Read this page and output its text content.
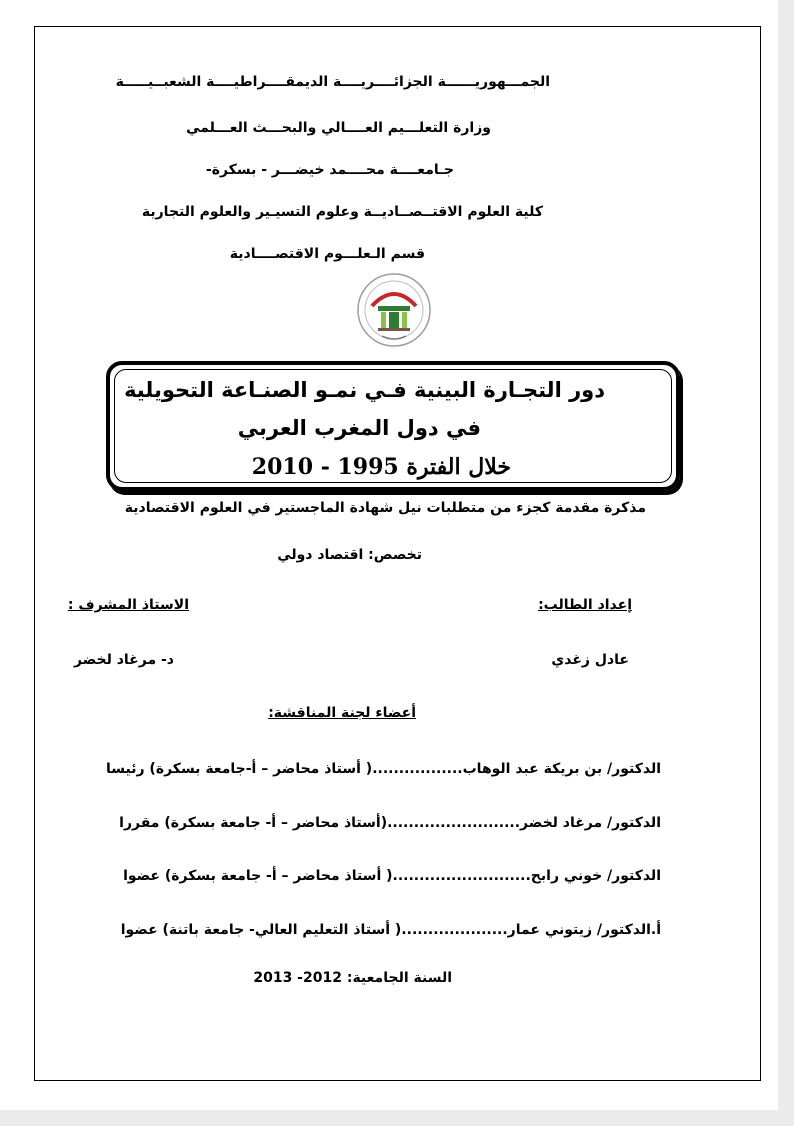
الجمـــهوريــــــة الجزائــــريــــة الديمقــــراطيــــة الشعبــيـــــة
وزارة التعلـــيم العــــالي والبحـــث العـــلمي
جـامعــــة محــــمد خيضـــر - بسكرة-
كلية العلوم الاقتــصــاديــة وعلوم التسيـير والعلوم التجارية
قسم الـعلـــوم الاقتصــــادية
دور التجـارة البينية فـي نمـو الصنـاعة التحويلية
في دول المغرب العربي
خلال الفترة 1995 - 2010
مذكرة مقدمة كجزء من متطلبات نيل شهادة الماجستير في العلوم الاقتصادية
تخصص: اقتصاد دولي
إعداد الطالب:
الاستاذ المشرف :
عادل زغدي
د- مرغاد لخضر
أعضاء لجنة المناقشة:
الدكتور/ بن بريكة عبد الوهاب.................( أستاذ محاضر – أ-جامعة بسكرة) رئيسا
الدكتور/ مرغاد لخضر.........................(أستاذ محاضر – أ- جامعة بسكرة) مقررا
الدكتور/ خوني رابح..........................( أستاذ محاضر – أ- جامعة بسكرة) عضوا
أ.الدكتور/ زيتوني عمار....................( أستاذ التعليم العالي- جامعة باتنة) عضوا
السنة الجامعية: 2012- 2013
